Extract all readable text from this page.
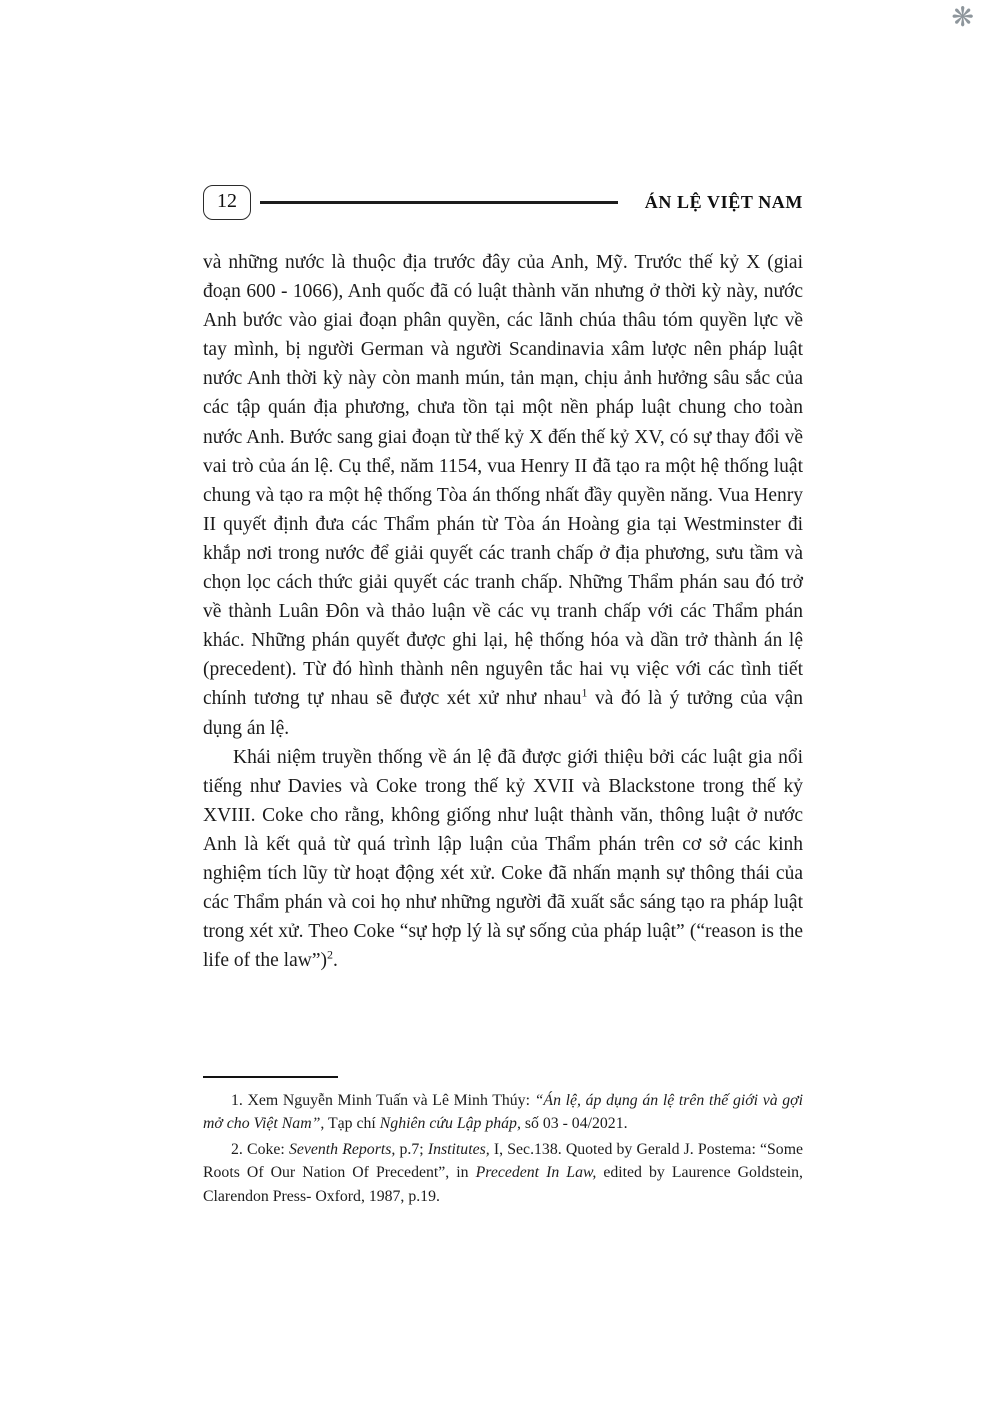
❋
12	ÁN LỆ VIỆT NAM

và những nước là thuộc địa trước đây của Anh, Mỹ. Trước thế kỷ X (giai đoạn 600 - 1066), Anh quốc đã có luật thành văn nhưng ở thời kỳ này, nước Anh bước vào giai đoạn phân quyền, các lãnh chúa thâu tóm quyền lực về tay mình, bị người German và người Scandinavia xâm lược nên pháp luật nước Anh thời kỳ này còn manh mún, tản mạn, chịu ảnh hưởng sâu sắc của các tập quán địa phương, chưa tồn tại một nền pháp luật chung cho toàn nước Anh. Bước sang giai đoạn từ thế kỷ X đến thế kỷ XV, có sự thay đổi về vai trò của án lệ. Cụ thể, năm 1154, vua Henry II đã tạo ra một hệ thống luật chung và tạo ra một hệ thống Tòa án thống nhất đầy quyền năng. Vua Henry II quyết định đưa các Thẩm phán từ Tòa án Hoàng gia tại Westminster đi khắp nơi trong nước để giải quyết các tranh chấp ở địa phương, sưu tầm và chọn lọc cách thức giải quyết các tranh chấp. Những Thẩm phán sau đó trở về thành Luân Đôn và thảo luận về các vụ tranh chấp với các Thẩm phán khác. Những phán quyết được ghi lại, hệ thống hóa và dần trở thành án lệ (precedent). Từ đó hình thành nên nguyên tắc hai vụ việc với các tình tiết chính tương tự nhau sẽ được xét xử như nhau$^1$ và đó là ý tưởng của vận dụng án lệ.

Khái niệm truyền thống về án lệ đã được giới thiệu bởi các luật gia nổi tiếng như Davies và Coke trong thế kỷ XVII và Blackstone trong thế kỷ XVIII. Coke cho rằng, không giống như luật thành văn, thông luật ở nước Anh là kết quả từ quá trình lập luận của Thẩm phán trên cơ sở các kinh nghiệm tích lũy từ hoạt động xét xử. Coke đã nhấn mạnh sự thông thái của các Thẩm phán và coi họ như những người đã xuất sắc sáng tạo ra pháp luật trong xét xử. Theo Coke “sự hợp lý là sự sống của pháp luật” (“reason is the life of the law”)$^2$.

1. Xem Nguyễn Minh Tuấn và Lê Minh Thúy: “Án lệ, áp dụng án lệ trên thế giới và gợi mở cho Việt Nam”, Tạp chí Nghiên cứu Lập pháp, số 03 - 04/2021.

2. Coke: Seventh Reports, p.7; Institutes, I, Sec.138. Quoted by Gerald J. Postema: “Some Roots Of Our Nation Of Precedent”, in Precedent In Law, edited by Laurence Goldstein, Clarendon Press- Oxford, 1987, p.19.
